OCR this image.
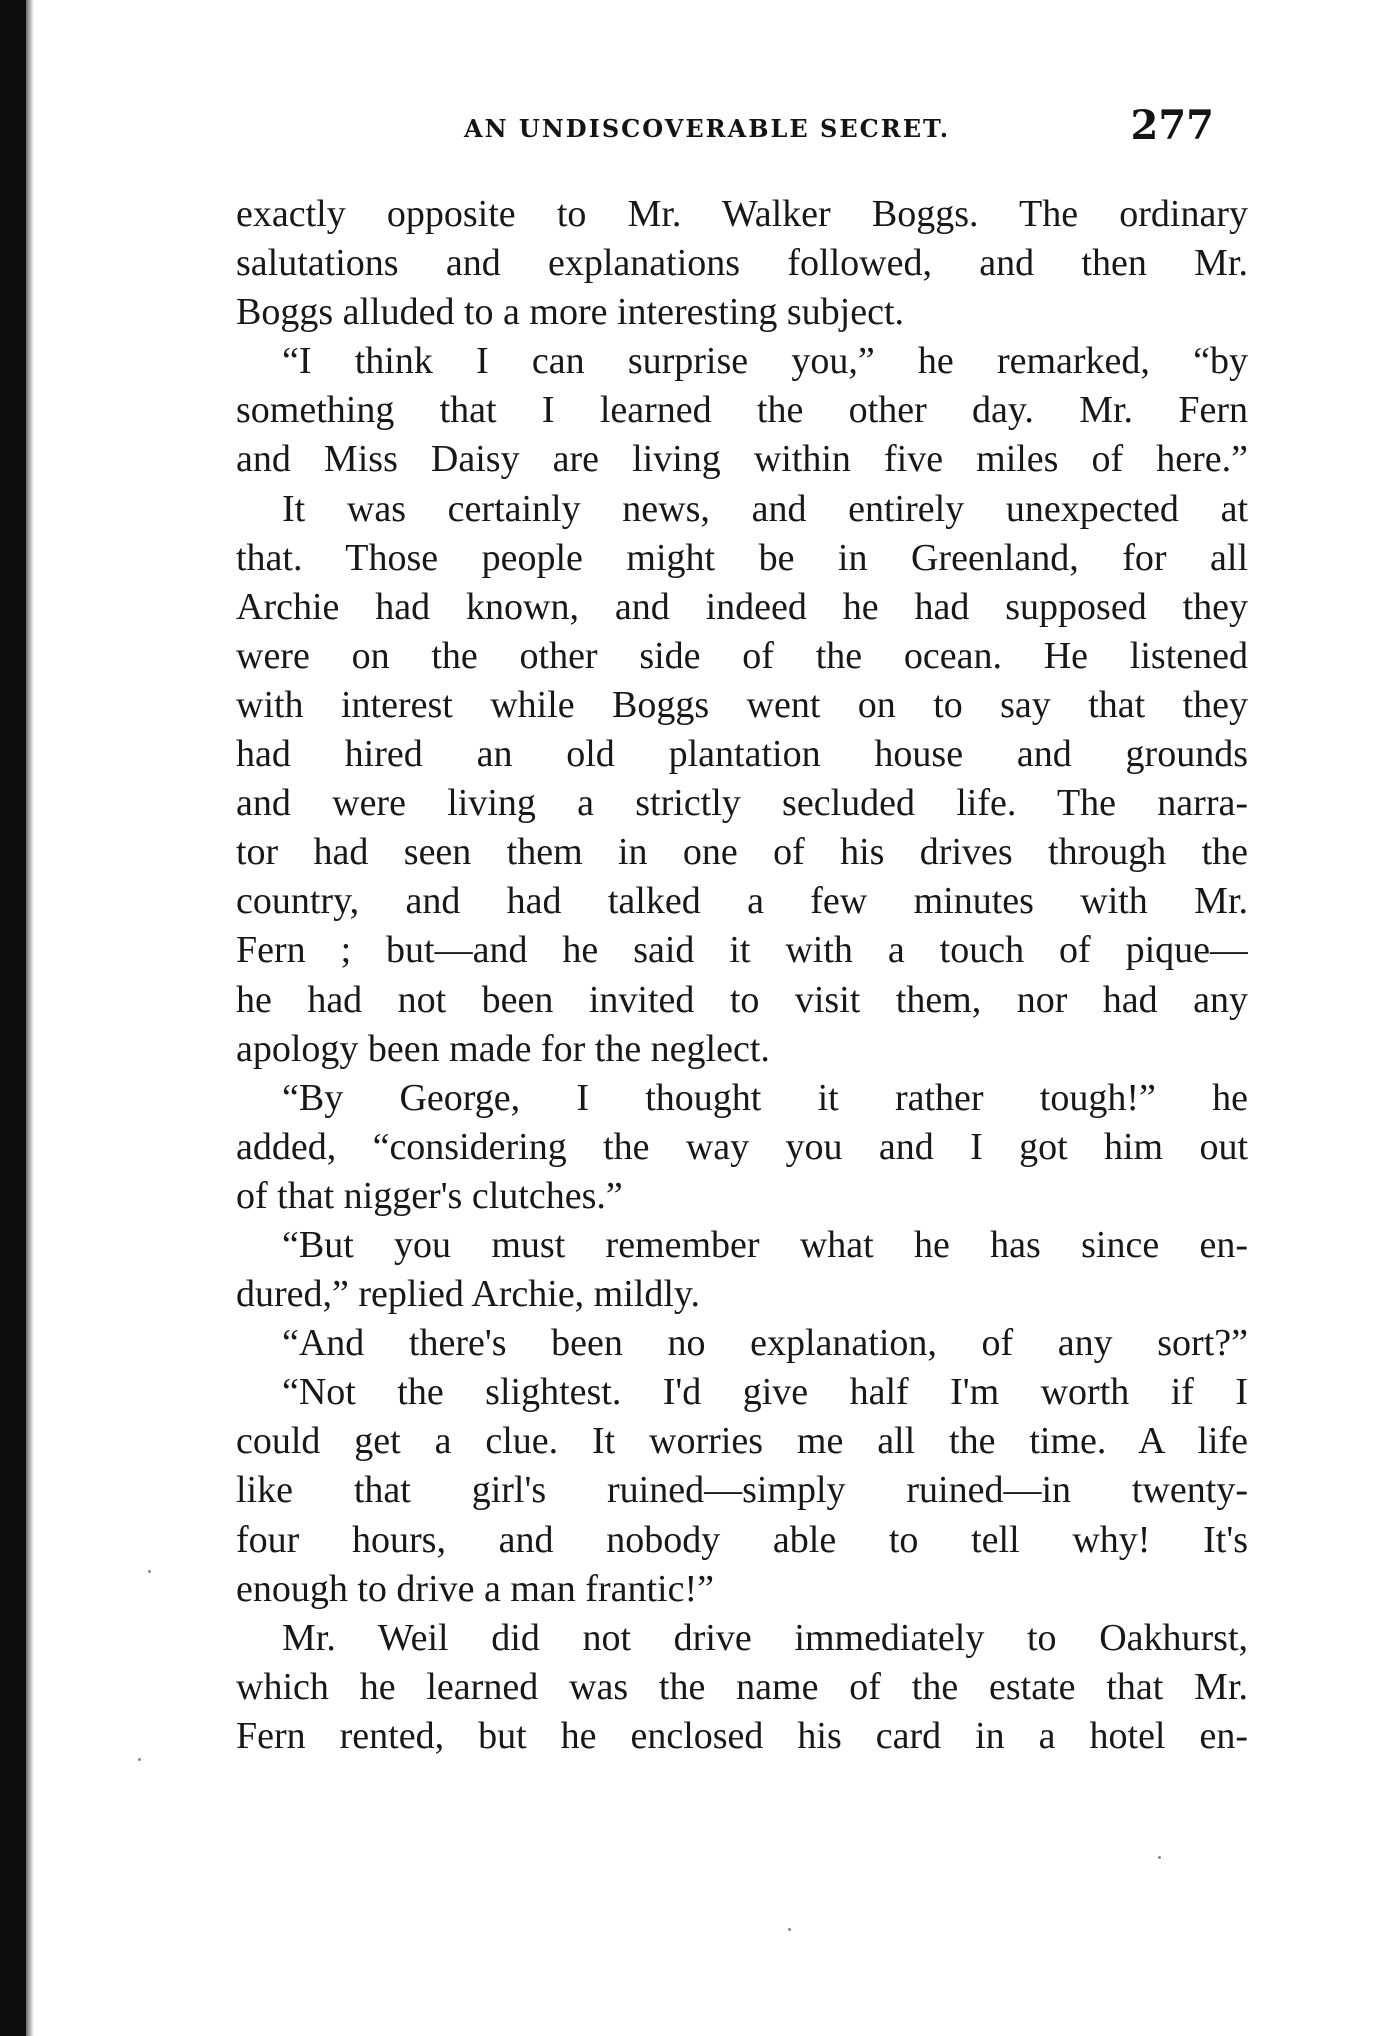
AN UNDISCOVERABLE SECRET.	277
exactly opposite to Mr. Walker Boggs. The ordinary
salutations and explanations followed, and then Mr.
Boggs alluded to a more interesting subject.
“I think I can surprise you,” he remarked, “by
something that I learned the other day. Mr. Fern
and Miss Daisy are living within five miles of here.”
It was certainly news, and entirely unexpected at
that. Those people might be in Greenland, for all
Archie had known, and indeed he had supposed they
were on the other side of the ocean. He listened
with interest while Boggs went on to say that they
had hired an old plantation house and grounds
and were living a strictly secluded life. The narra-
tor had seen them in one of his drives through the
country, and had talked a few minutes with Mr.
Fern ; but—and he said it with a touch of pique—
he had not been invited to visit them, nor had any
apology been made for the neglect.
“By George, I thought it rather tough!” he
added, “considering the way you and I got him out
of that nigger's clutches.”
“But you must remember what he has since en-
dured,” replied Archie, mildly.
“And there's been no explanation, of any sort?”
“Not the slightest. I'd give half I'm worth if I
could get a clue. It worries me all the time. A life
like that girl's ruined—simply ruined—in twenty-
four hours, and nobody able to tell why! It's
enough to drive a man frantic!”
Mr. Weil did not drive immediately to Oakhurst,
which he learned was the name of the estate that Mr.
Fern rented, but he enclosed his card in a hotel en-
